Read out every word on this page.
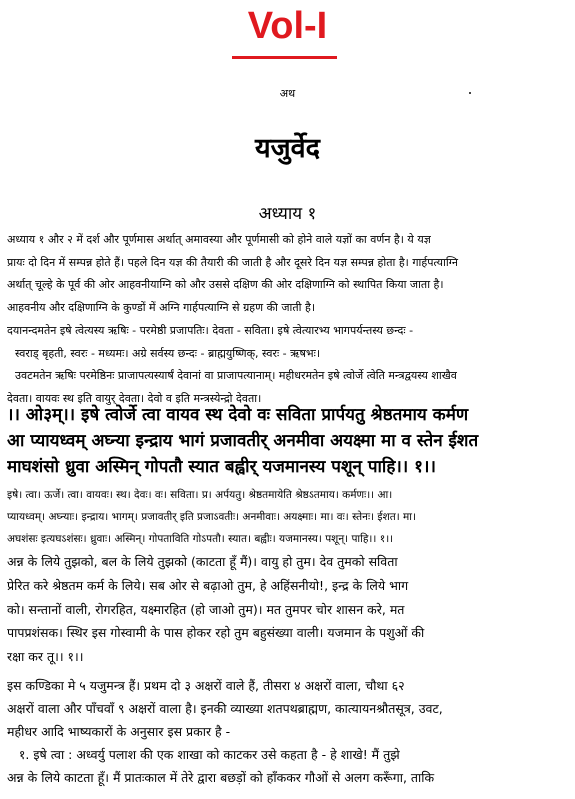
Vol-I
अथ
यजुर्वेद
अध्याय १
अध्याय १ और २ में दर्श और पूर्णमास अर्थात् अमावस्या और पूर्णमासी को होने वाले यज्ञों का वर्णन है। ये यज्ञ
प्रायः दो दिन में सम्पन्न होते हैं। पहले दिन यज्ञ की तैयारी की जाती है और दूसरे दिन यज्ञ सम्पन्न होता है। गार्हपत्याग्नि
अर्थात् चूल्हे के पूर्व की ओर आहवनीयाग्नि को और उससे दक्षिण की ओर दक्षिणाग्नि को स्थापित किया जाता है।
आहवनीय और दक्षिणाग्नि के कुण्डों में अग्नि गार्हपत्याग्नि से ग्रहण की जाती है।
दयानन्दमतेन इषे त्वेत्यस्य ऋषिः - परमेष्ठी प्रजापतिः। देवता - सविता। इषे त्वेत्यारभ्य भागपर्यन्तस्य छन्दः -
स्वराड् बृहती, स्वरः - मध्यमः। अग्रे सर्वस्य छन्दः - ब्राह्मयुष्णिक्, स्वरः - ऋषभः।
उवटमतेन ऋषिः परमेष्ठिनः प्राजापत्यस्यार्षं देवानां वा प्राजापत्यानाम्। महीधरमतेन इषे त्वोर्जे त्वेति मन्त्रद्वयस्य शाखैव
देवता। वायवः स्थ इति वायुर् देवता। देवो व इति मन्त्रस्येन्द्रो देवता।
।। ओ३म्।। इषे त्वोर्जे त्वा वायव स्थ देवो वः सविता प्रार्पयतु श्रेष्ठतमाय कर्मण
आ प्यायध्वम् अघ्न्या इन्द्राय भागं प्रजावतीर् अनमीवा अयक्ष्मा मा व स्तेन ईशत
माघशंसो ध्रुवा अस्मिन् गोपतौ स्यात बह्वीर् यजमानस्य पशून् पाहि।। १।।
इषे। त्वा। ऊर्जे। त्वा। वायवः। स्थ। देवः। वः। सविता। प्र। अर्पयतु। श्रेष्ठतमायेति श्रेष्ठऽतमाय। कर्मणः।। आ।
प्यायध्वम्। अघ्न्याः। इन्द्राय। भागम्। प्रजावतीर् इति प्रजाऽवतीः। अनमीवाः। अयक्ष्माः। मा। वः। स्तेनः। ईशत। मा।
अघशंसः इत्यघऽशंसः। ध्रुवाः। अस्मिन्। गोपताविति गोऽपतौ। स्यात। बह्वीः। यजमानस्य। पशून्। पाहि।। १।।
अन्न के लिये तुझको, बल के लिये तुझको (काटता हूँ मैं)। वायु हो तुम। देव तुमको सविता
प्रेरित करे श्रेष्ठतम कर्म के लिये। सब ओर से बढ़ाओ तुम, हे अहिंसनीयो!, इन्द्र के लिये भाग
को। सन्तानों वाली, रोगरहित, यक्ष्मारहित (हो जाओ तुम)। मत तुमपर चोर शासन करे, मत
पापप्रशंसक। स्थिर इस गोस्वामी के पास होकर रहो तुम बहुसंख्या वाली। यजमान के पशुओं की
रक्षा कर तू।। १।।
इस कण्डिका मे ५ यजुमन्त्र हैं। प्रथम दो ३ अक्षरों वाले हैं, तीसरा ४ अक्षरों वाला, चौथा ६२
अक्षरों वाला और पाँचवाँ ९ अक्षरों वाला है। इनकी व्याख्या शतपथब्राह्मण, कात्यायनश्रौतसूत्र, उवट,
महीधर आदि भाष्यकारों के अनुसार इस प्रकार है -
१. इषे त्वा : अध्वर्यु पलाश की एक शाखा को काटकर उसे कहता है - हे शाखे! मैं तुझे
अन्न के लिये काटता हूँ। मैं प्रातःकाल में तेरे द्वारा बछड़ों को हाँककर गौओं से अलग करूँगा, ताकि
